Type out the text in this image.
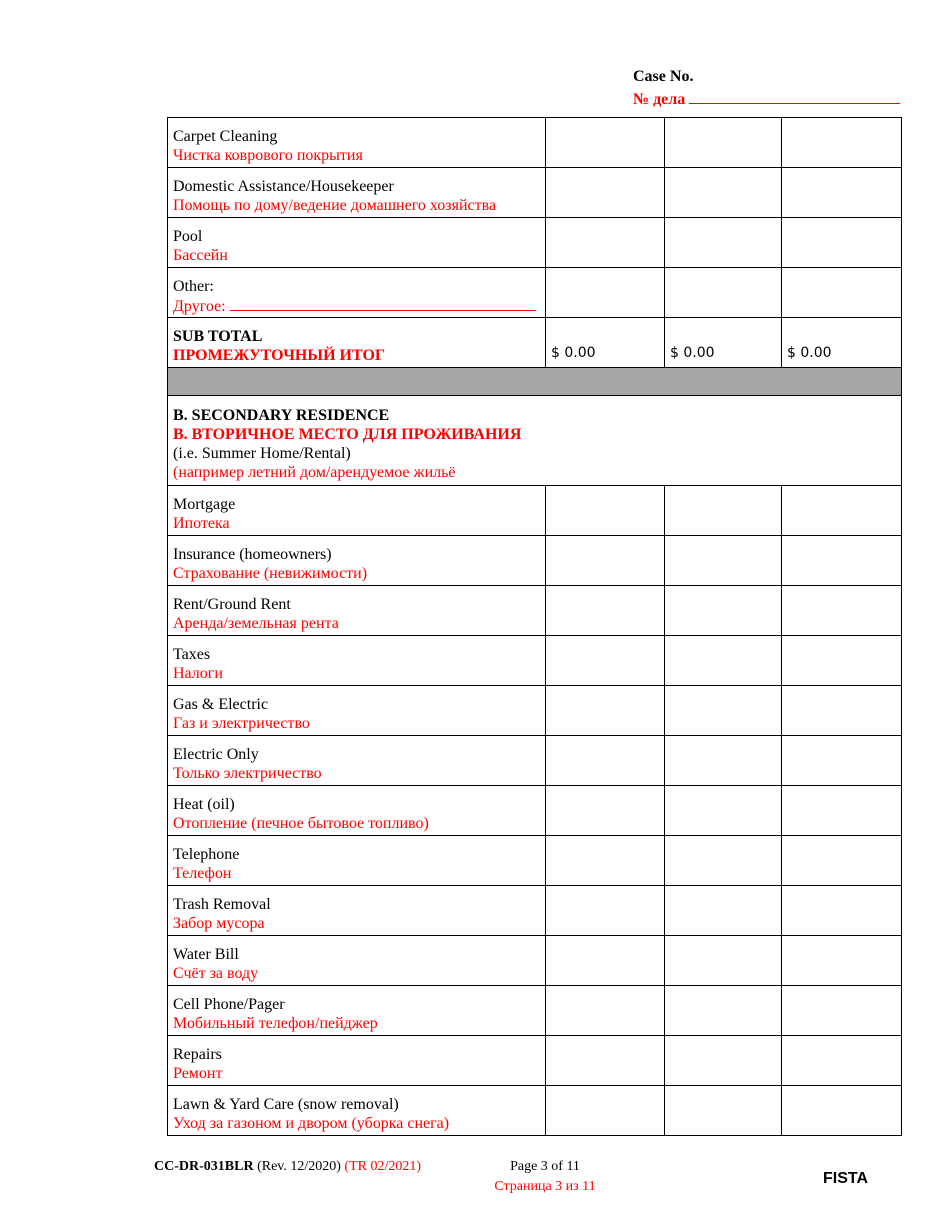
Case No.
№ дела
Carpet Cleaning
Чистка коврового покрытия			

Domestic Assistance/Housekeeper
Помощь по дому/ведение домашнего хозяйства			

Pool
Бассейн			

Other:
Другое:			

SUB TOTAL
ПРОМЕЖУТОЧНЫЙ ИТОГ	$ 0.00	$ 0.00	$ 0.00

B. SECONDARY RESIDENCE
B. ВТОРИЧНОЕ МЕСТО ДЛЯ ПРОЖИВАНИЯ
(i.e. Summer Home/Rental)
(например летний дом/арендуемое жильё			

Mortgage
Ипотека			

Insurance (homeowners)
Страхование (невижимости)			

Rent/Ground Rent
Аренда/земельная рента			

Taxes
Налоги			

Gas & Electric
Газ и электричество			

Electric Only
Только электричество			

Heat (oil)
Отопление (печное бытовое топливо)			

Telephone
Телефон			

Trash Removal
Забор мусора			

Water Bill
Счёт за воду			

Cell Phone/Pager
Мобильный телефон/пейджер			

Repairs
Ремонт			

Lawn & Yard Care (snow removal)
Уход за газоном и двором (уборка снега)			

CC-DR-031BLR (Rev. 12/2020) (TR 02/2021)	Page 3 of 11
Страница 3 из 11	FISTA
